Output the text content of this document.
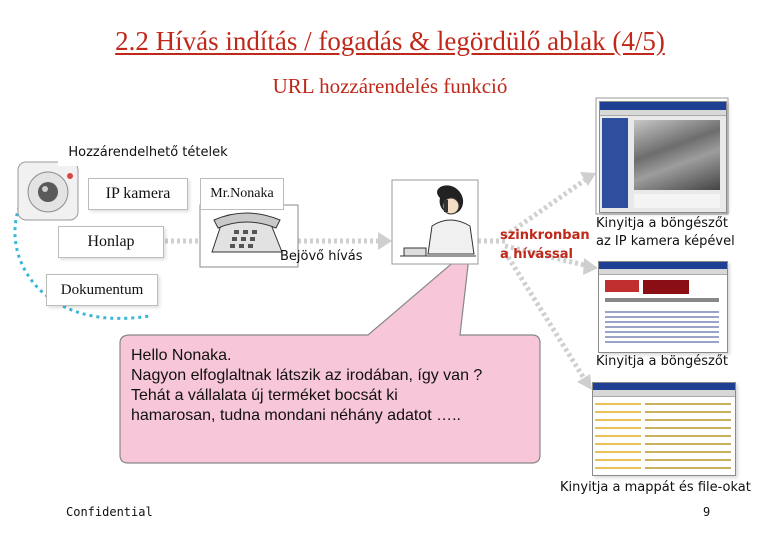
2.2 Hívás indítás / fogadás & legördülő ablak (4/5)
URL hozzárendelés funkció
Hozzárendelhető tételek
IP kamera
Honlap
Dokumentum
Mr.Nonaka
Bejövő hívás
szinkronban
a hívással
Kinyitja a böngészőt
az IP kamera képével
Kinyitja a böngészőt
Kinyitja a mappát és file-okat
Hello Nonaka.
Nagyon elfoglaltnak látszik az irodában, így van ?
Tehát a vállalata új terméket bocsát ki
hamarosan, tudna mondani néhány adatot …..
Confidential	9
